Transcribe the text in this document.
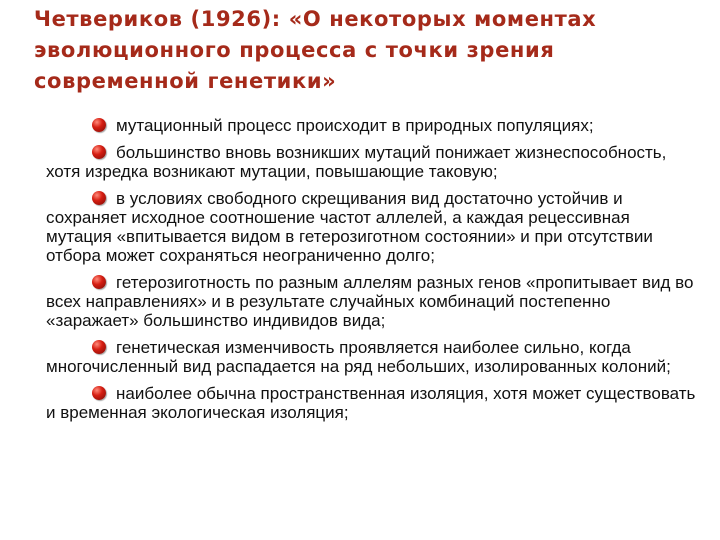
Четвериков (1926): «О некоторых моментах эволюционного процесса с точки зрения современной генетики»
мутационный процесс происходит в природных популяциях;
большинство вновь возникших мутаций понижает жизнеспособность, хотя изредка возникают мутации, повышающие таковую;
в условиях свободного скрещивания вид достаточно устойчив и сохраняет исходное соотношение частот аллелей, а каждая рецессивная мутация «впитывается видом в гетерозиготном состоянии» и при отсутствии отбора может сохраняться неограниченно долго;
гетерозиготность по разным аллелям разных генов «пропитывает вид во всех направлениях» и в результате случайных комбинаций постепенно «заражает» большинство индивидов вида;
генетическая изменчивость проявляется наиболее сильно, когда многочисленный вид распадается на ряд небольших, изолированных колоний;
наиболее обычна пространственная изоляция, хотя может существовать и временная экологическая изоляция;
